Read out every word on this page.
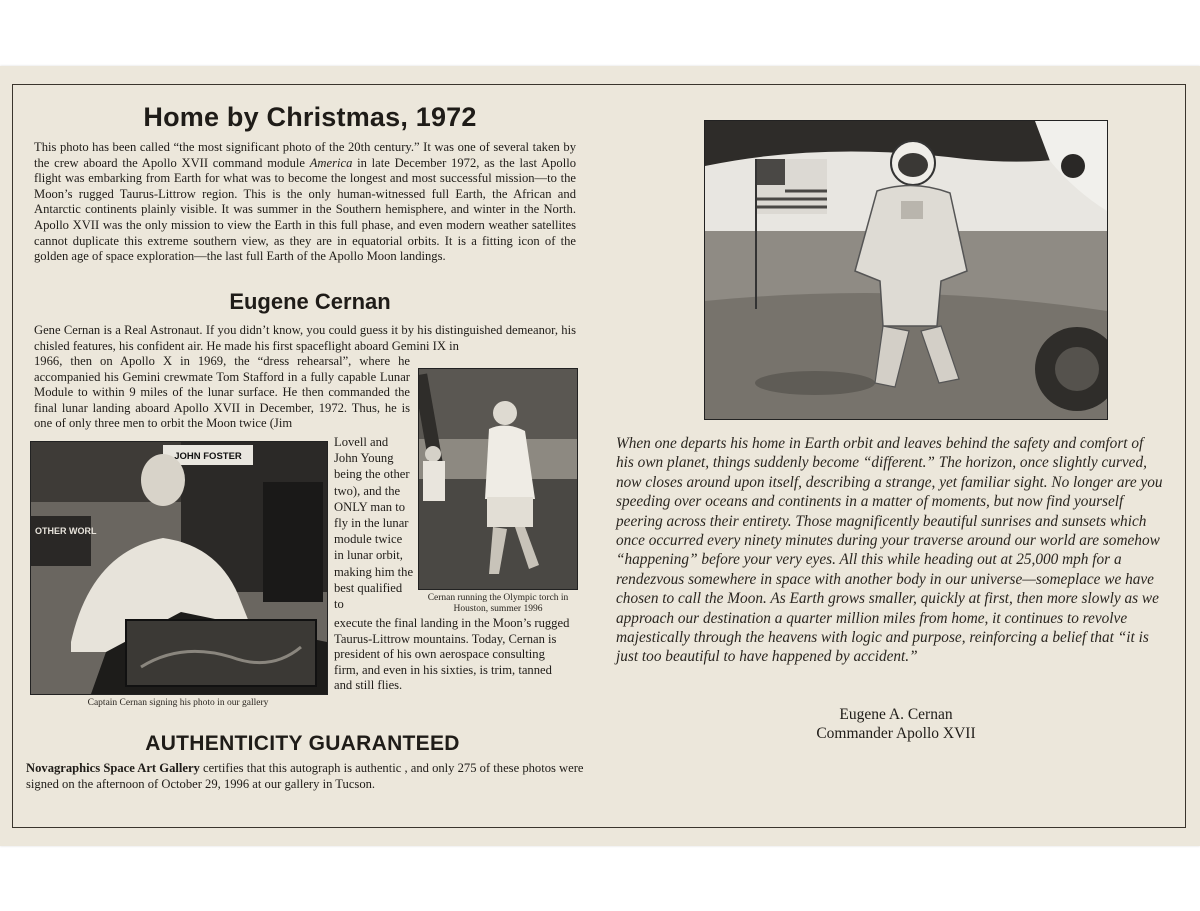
Home by Christmas, 1972
This photo has been called “the most significant photo of the 20th century.” It was one of several taken by the crew aboard the Apollo XVII command module America in late December 1972, as the last Apollo flight was embarking from Earth for what was to become the longest and most successful mission—to the Moon’s rugged Taurus-Littrow region. This is the only human-witnessed full Earth, the African and Antarctic continents plainly visible. It was summer in the Southern hemisphere, and winter in the North. Apollo XVII was the only mission to view the Earth in this full phase, and even modern weather satellites cannot duplicate this extreme southern view, as they are in equatorial orbits. It is a fitting icon of the golden age of space exploration—the last full Earth of the Apollo Moon landings.
Eugene Cernan
Gene Cernan is a Real Astronaut. If you didn’t know, you could guess it by his distinguished demeanor, his chisled features, his confident air. He made his first spaceflight aboard Gemini IX in
1966, then on Apollo X in 1969, the “dress rehearsal”, where he accompanied his Gemini crewmate Tom Stafford in a fully capable Lunar Module to within 9 miles of the lunar surface. He then commanded the final lunar landing aboard Apollo XVII in December, 1972. Thus, he is one of only three men to orbit the Moon twice (Jim
Lovell and John Young being the other two), and the ONLY man to fly in the lunar module twice in lunar orbit, making him the best qualified to
execute the final landing in the Moon’s rugged Taurus-Littrow mountains. Today, Cernan is president of his own aerospace consulting firm, and even in his sixties, is trim, tanned and still flies.
JOHN FOSTER
OTHER WORL
Captain Cernan signing his photo in our gallery
Cernan running the Olympic torch in Houston, summer 1996
AUTHENTICITY GUARANTEED
Novagraphics Space Art Gallery certifies that this autograph is authentic , and only 275 of these photos were signed on the afternoon of October 29, 1996 at our gallery in Tucson.
When one departs his home in Earth orbit and leaves behind the safety and comfort of his own planet, things suddenly become “different.” The horizon, once slightly curved, now closes around upon itself, describing a strange, yet familiar sight. No longer are you speeding over oceans and continents in a matter of moments, but now find yourself peering across their entirety. Those magnificently beautiful sunrises and sunsets which once occurred every ninety minutes during your traverse around our world are somehow “happening” before your very eyes. All this while heading out at 25,000 mph for a rendezvous somewhere in space with another body in our universe—someplace we have chosen to call the Moon. As Earth grows smaller, quickly at first, then more slowly as we approach our destination a quarter million miles from home, it continues to revolve majestically through the heavens with logic and purpose, reinforcing a belief that “it is just too beautiful to have happened by accident.”
Eugene A. Cernan
Commander Apollo XVII
